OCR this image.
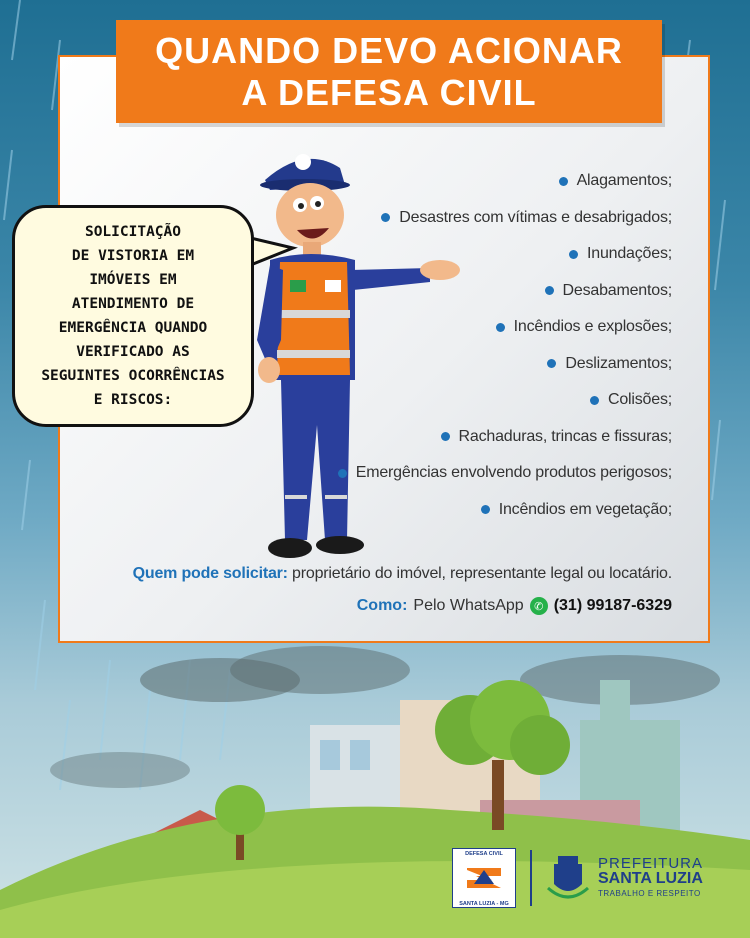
QUANDO DEVO ACIONAR
A DEFESA CIVIL
SOLICITAÇÃO
DE VISTORIA EM
IMÓVEIS EM
ATENDIMENTO DE
EMERGÊNCIA QUANDO
VERIFICADO AS
SEGUINTES OCORRÊNCIAS
E RISCOS:
Alagamentos;
Desastres com vítimas e desabrigados;
Inundações;
Desabamentos;
Incêndios e explosões;
Deslizamentos;
Colisões;
Rachaduras, trincas e fissuras;
Emergências envolvendo produtos perigosos;
Incêndios em vegetação;
Quem pode solicitar: proprietário do imóvel, representante legal ou locatário.
Como: Pelo WhatsApp ✆ (31) 99187-6329
DEFESA CIVIL
SANTA LUZIA - MG
PREFEITURA
SANTA LUZIA
TRABALHO E RESPEITO
